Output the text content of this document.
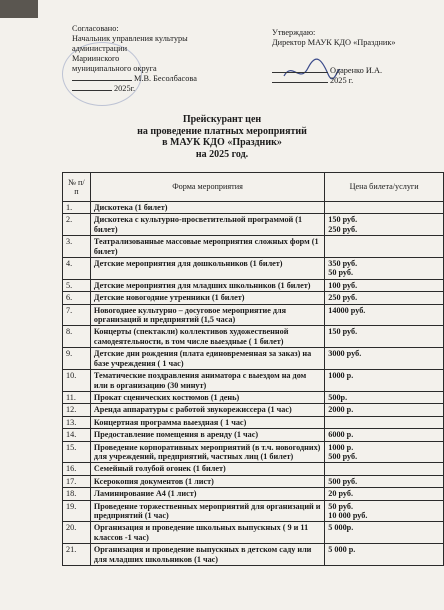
Согласовано:
Начальник управления культуры
администрации
Мариинского
муниципального округа
М.В. Бесолбасова
2025г.
Утверждаю:
Директор МАУК КДО «Праздник»
Одаренко И.А.
2025 г.
Прейскурант цен
на проведение платных мероприятий
в МАУК КДО «Праздник»
на 2025 год.
№ п/п	Форма мероприятия	Цена билета/услуги
1.	Дискотека (1 билет)	
2.	Дискотека с культурно-просветительной программой (1 билет)	150 руб.
250 руб.
3.	Театрализованные массовые мероприятия сложных форм (1 билет)	
4.	Детские мероприятия для дошкольников (1 билет)	350 руб.
50 руб.
5.	Детские мероприятия для младших школьников (1 билет)	100 руб.
6.	Детские новогодние утренники (1 билет)	250 руб.
7.	Новогоднее культурно – досуговое мероприятие для организаций и предприятий (1,5 часа)	14000 руб.
8.	Концерты (спектакли) коллективов художественной самодеятельности, в том числе выездные ( 1 билет)	150 руб.
9.	Детские дни рождения (плата единовременная за заказ) на базе учреждения ( 1 час)	3000 руб.
10.	Тематические поздравления аниматора с выездом на дом или в организацию (30 минут)	1000 р.
11.	Прокат сценических костюмов (1 день)	500р.
12.	Аренда аппаратуры с работой звукорежиссера (1 час)	2000 р.
13.	Концертная программа выездная ( 1 час)	
14.	Предоставление помещения в аренду (1 час)	6000 р.
15.	Проведение корпоративных мероприятий (в т.ч. новогодних) для учреждений, предприятий, частных лиц (1 билет)	1000 р.
500 руб.
16.	Семейный голубой огонек (1 билет)	
17.	Ксерокопия документов (1 лист)	500 руб.
18.	Ламинирование А4 (1 лист)	20 руб.
19.	Проведение торжественных мероприятий для организаций и предприятий (1 час)	50 руб.
10 000 руб.
20.	Организация и проведение школьных выпускных ( 9 и 11 классов -1 час)	5 000р.
21.	Организация и проведение выпускных в детском саду или для младших школьников (1 час)	5 000 р.
